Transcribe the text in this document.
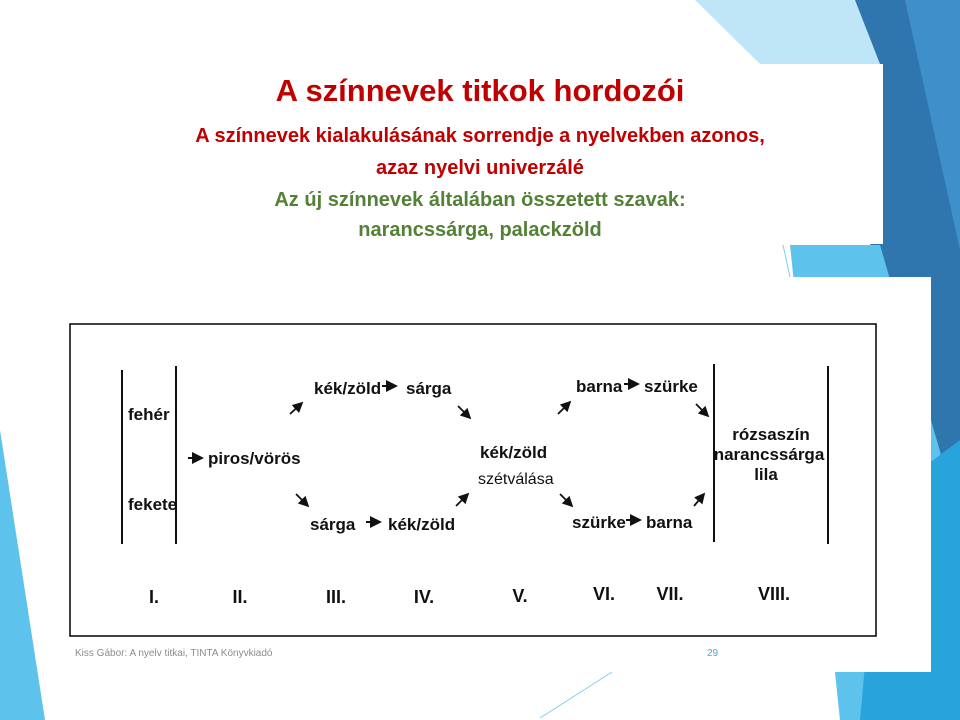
A színnevek titkok hordozói

A színnevek kialakulásának sorrendje a nyelvekben azonos,

azaz nyelvi univerzálé

Az új színnevek általában összetett szavak:

narancssárga, palackzöld

fehér
fekete
piros/vörös
kék/zöld sárga
sárga kék/zöld
kék/zöld
szétválása
barna szürke
szürke barna
rózsaszín
narancssárga
lila
I.	II.	III.	IV.	V.	VI. VII.	VIII.

Kiss Gábor: A nyelv titkai, TINTA Könyvkiadó	29
